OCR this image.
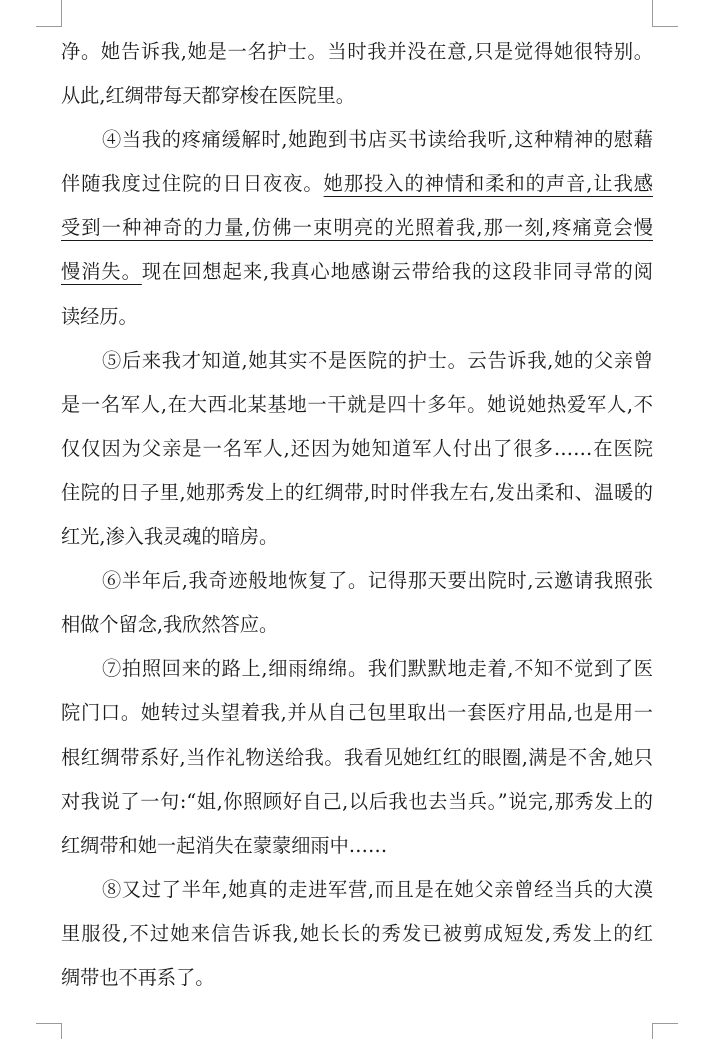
净。她告诉我,她是一名护士。当时我并没在意,只是觉得她很特别。
从此,红绸带每天都穿梭在医院里。
④当我的疼痛缓解时,她跑到书店买书读给我听,这种精神的慰藉
伴随我度过住院的日日夜夜。她那投入的神情和柔和的声音,让我感
受到一种神奇的力量,仿佛一束明亮的光照着我,那一刻,疼痛竟会慢
慢消失。现在回想起来,我真心地感谢云带给我的这段非同寻常的阅
读经历。
⑤后来我才知道,她其实不是医院的护士。云告诉我,她的父亲曾
是一名军人,在大西北某基地一干就是四十多年。她说她热爱军人,不
仅仅因为父亲是一名军人,还因为她知道军人付出了很多……在医院
住院的日子里,她那秀发上的红绸带,时时伴我左右,发出柔和、温暖的
红光,渗入我灵魂的暗房。
⑥半年后,我奇迹般地恢复了。记得那天要出院时,云邀请我照张
相做个留念,我欣然答应。
⑦拍照回来的路上,细雨绵绵。我们默默地走着,不知不觉到了医
院门口。她转过头望着我,并从自己包里取出一套医疗用品,也是用一
根红绸带系好,当作礼物送给我。我看见她红红的眼圈,满是不舍,她只
对我说了一句:“姐,你照顾好自己,以后我也去当兵。”说完,那秀发上的
红绸带和她一起消失在蒙蒙细雨中……
⑧又过了半年,她真的走进军营,而且是在她父亲曾经当兵的大漠
里服役,不过她来信告诉我,她长长的秀发已被剪成短发,秀发上的红
绸带也不再系了。
